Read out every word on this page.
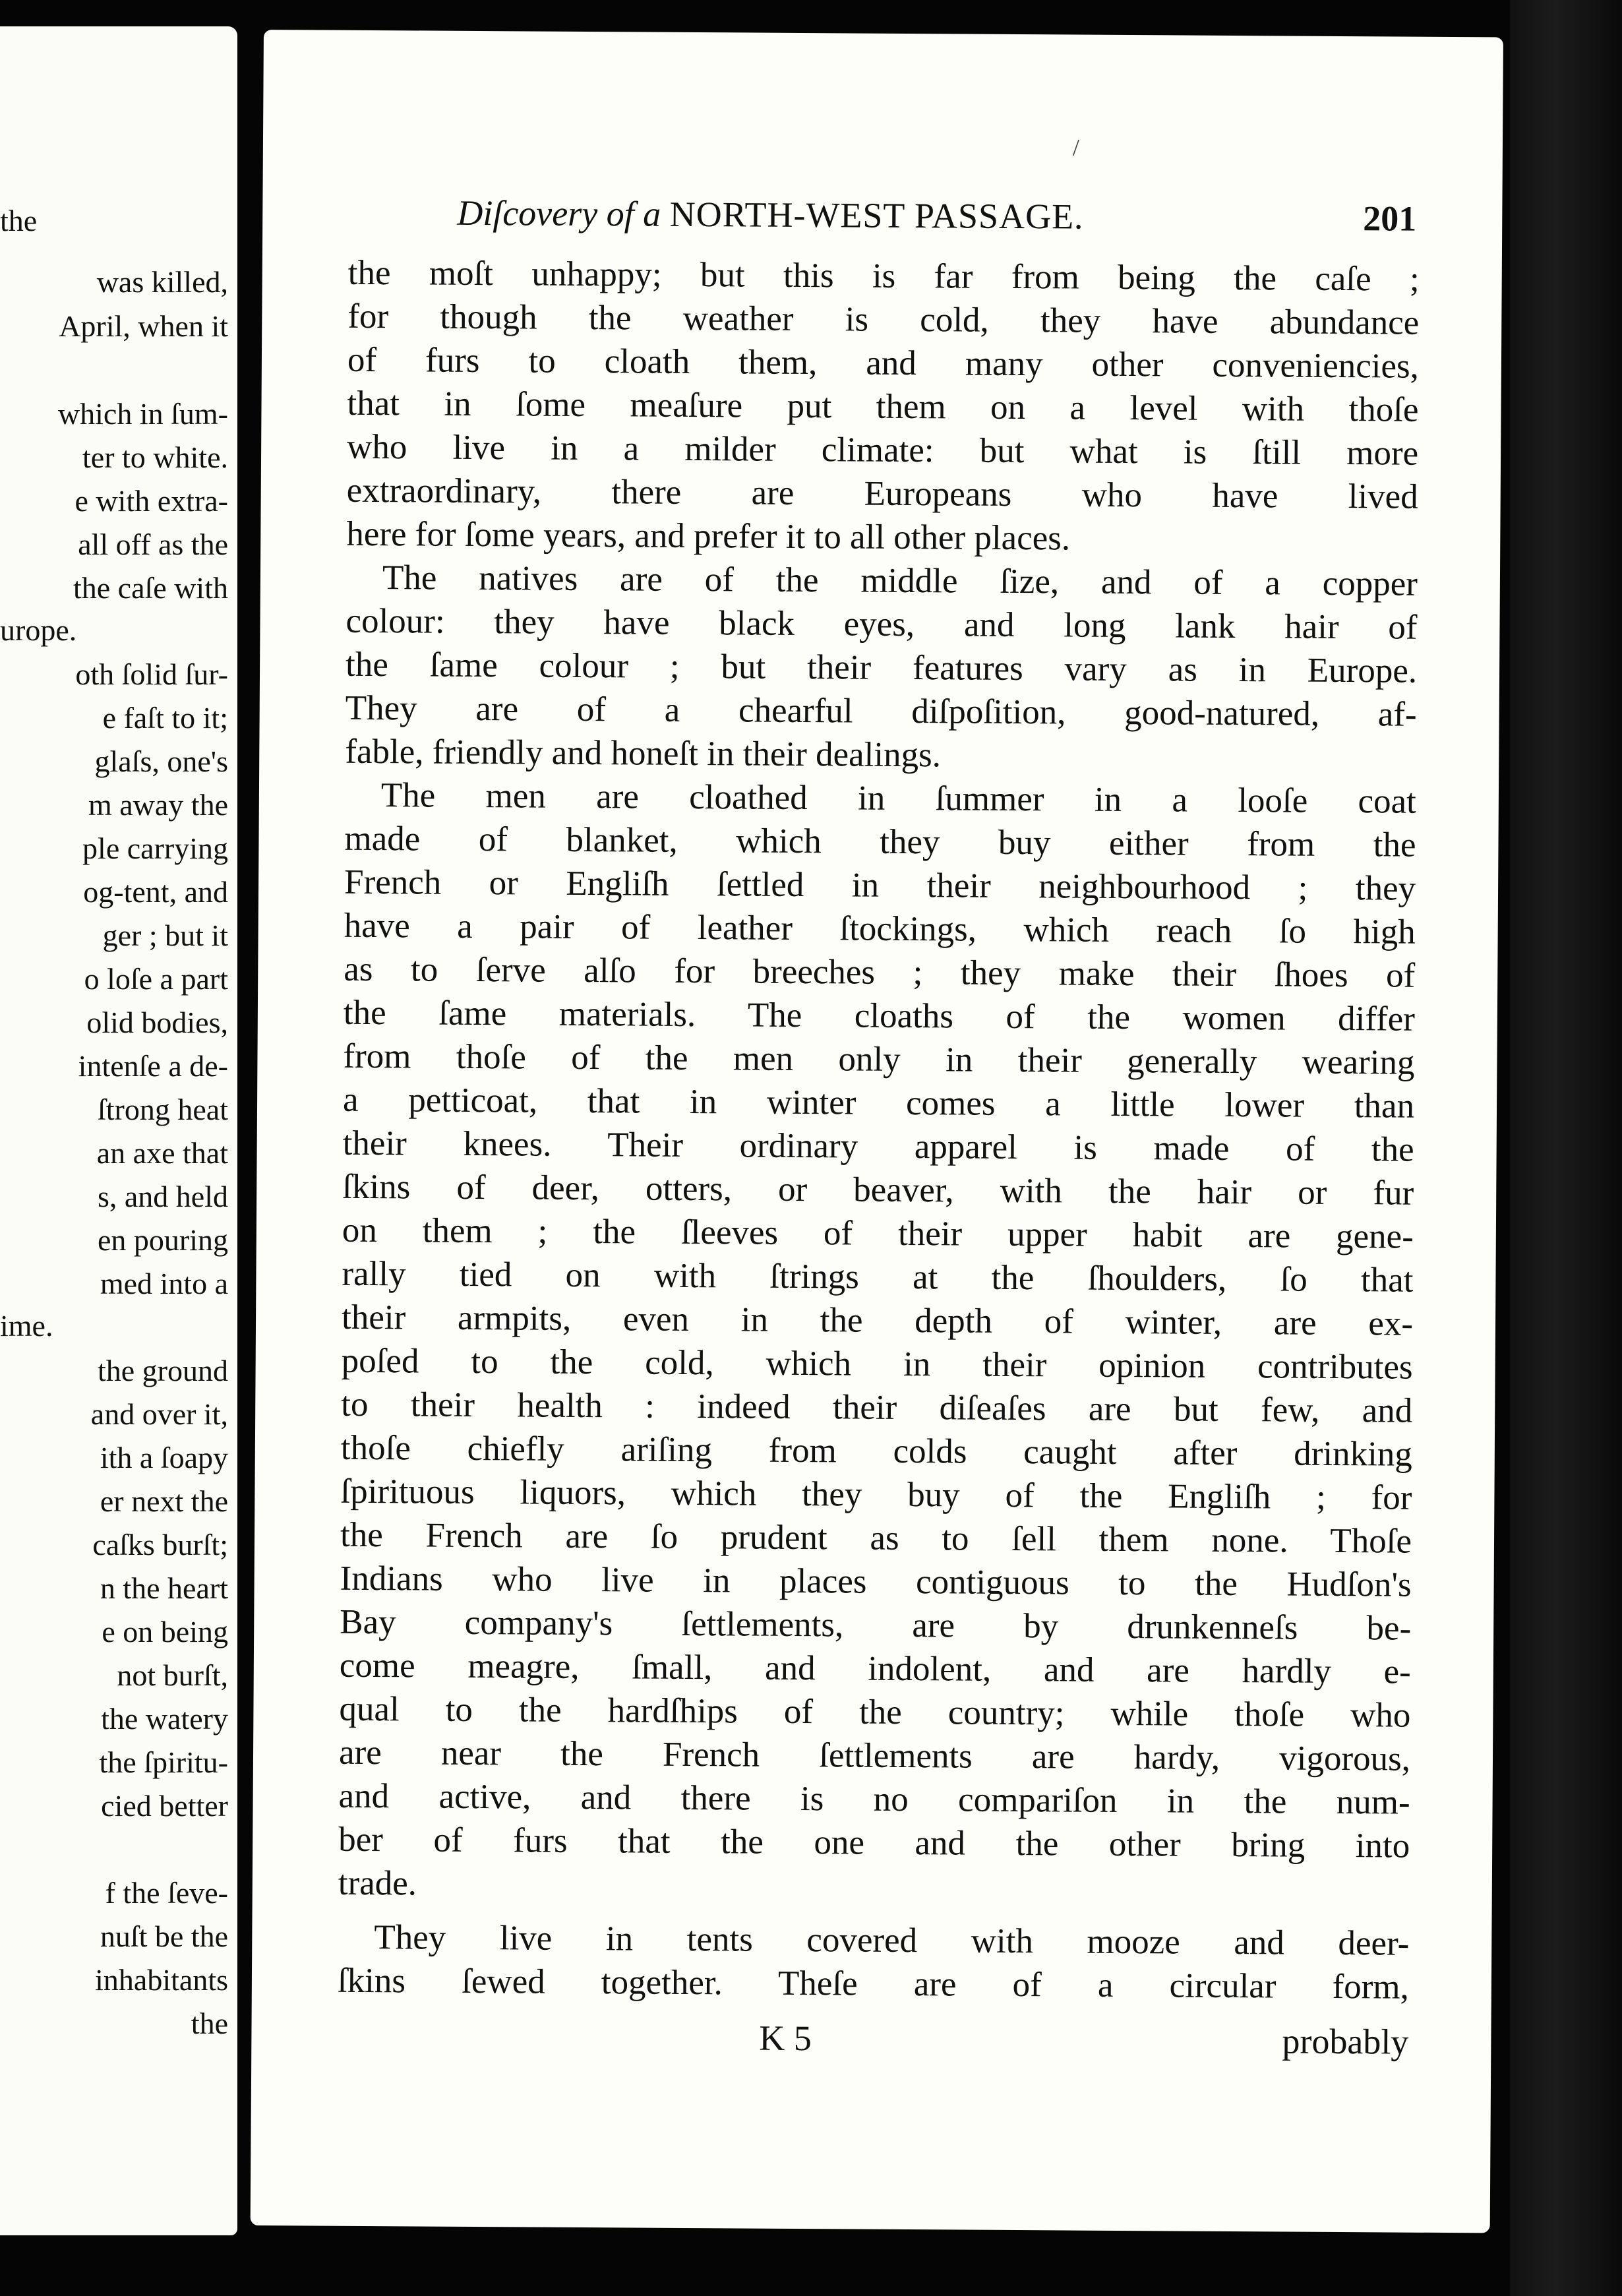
the
was killed,
April, when it
which in ſum-
ter to white.
e with extra-
all off as the
the caſe with
urope.
oth ſolid ſur-
e faſt to it;
glaſs, one's
m away the
ple carrying
og-tent, and
ger ; but it
o loſe a part
olid bodies,
intenſe a de-
ſtrong heat
an axe that
s, and held
en pouring
med into a
ime.
the ground
and over it,
ith a ſoapy
er next the
caſks burſt;
n the heart
e on being
not burſt,
the watery
the ſpiritu-
cied better
f the ſeve-
nuſt be the
inhabitants
the
/
Diſcovery of a NORTH-WEST PASSAGE.	201
the moſt unhappy; but this is far from being the caſe ;
for though the weather is cold, they have abundance
of furs to cloath them, and many other conveniencies,
that in ſome meaſure put them on a level with thoſe
who live in a milder climate: but what is ſtill more
extraordinary, there are Europeans who have lived
here for ſome years, and prefer it to all other places.
The natives are of the middle ſize, and of a copper
colour: they have black eyes, and long lank hair of
the ſame colour ; but their features vary as in Europe.
They are of a chearful diſpoſition, good-natured, af-
fable, friendly and honeſt in their dealings.
The men are cloathed in ſummer in a looſe coat
made of blanket, which they buy either from the
French or Engliſh ſettled in their neighbourhood ; they
have a pair of leather ſtockings, which reach ſo high
as to ſerve alſo for breeches ; they make their ſhoes of
the ſame materials. The cloaths of the women differ
from thoſe of the men only in their generally wearing
a petticoat, that in winter comes a little lower than
their knees. Their ordinary apparel is made of the
ſkins of deer, otters, or beaver, with the hair or fur
on them ; the ſleeves of their upper habit are gene-
rally tied on with ſtrings at the ſhoulders, ſo that
their armpits, even in the depth of winter, are ex-
poſed to the cold, which in their opinion contributes
to their health : indeed their diſeaſes are but few, and
thoſe chiefly ariſing from colds caught after drinking
ſpirituous liquors, which they buy of the Engliſh ; for
the French are ſo prudent as to ſell them none. Thoſe
Indians who live in places contiguous to the Hudſon's
Bay company's ſettlements, are by drunkenneſs be-
come meagre, ſmall, and indolent, and are hardly e-
qual to the hardſhips of the country; while thoſe who
are near the French ſettlements are hardy, vigorous,
and active, and there is no compariſon in the num-
ber of furs that the one and the other bring into
trade.
They live in tents covered with mooze and deer-
ſkins ſewed together. Theſe are of a circular form,
K 5	probably
